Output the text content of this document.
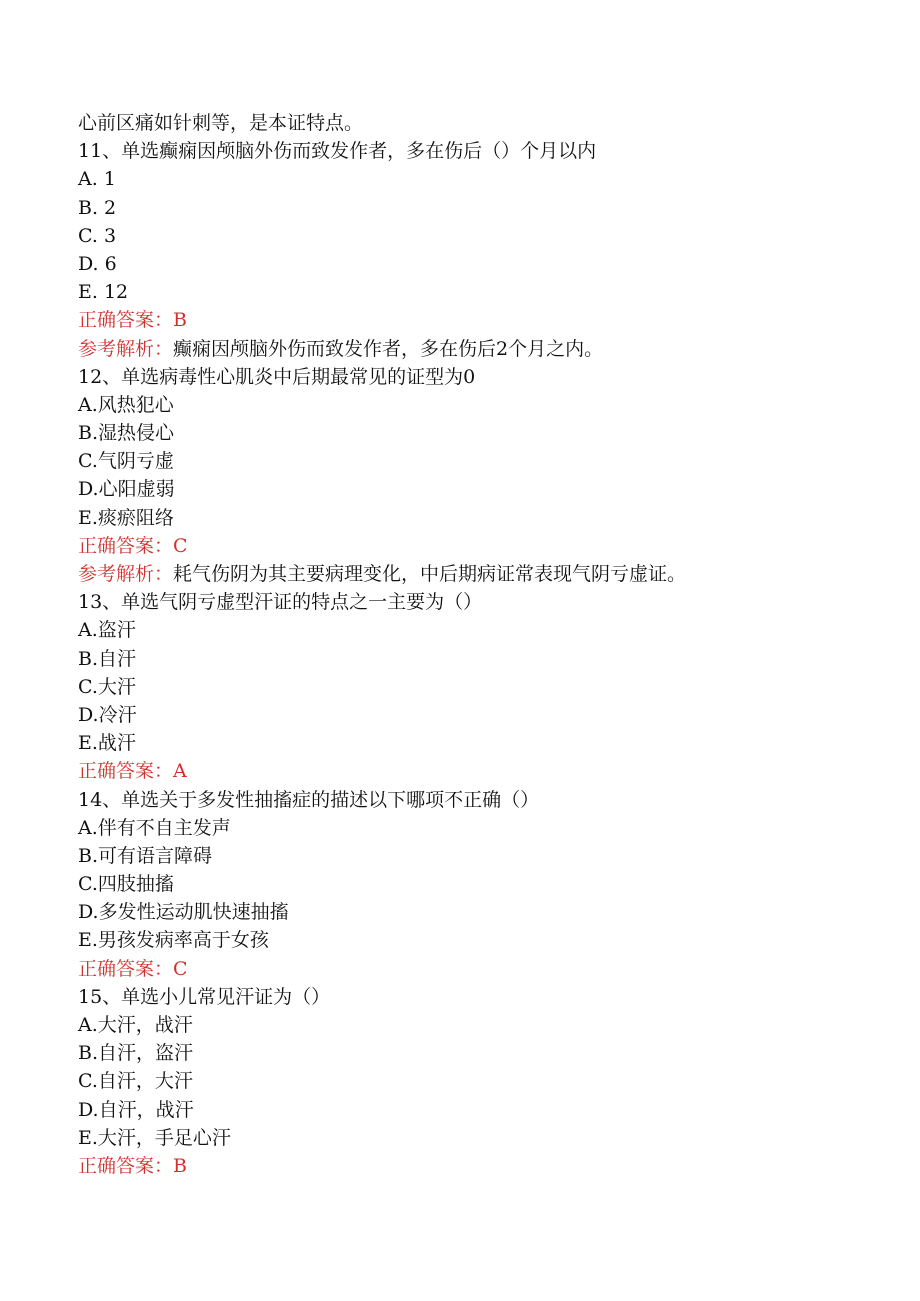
心前区痛如针刺等，是本证特点。
11、单选癫痫因颅脑外伤而致发作者，多在伤后（）个月以内
A. 1
B. 2
C. 3
D. 6
E. 12
正确答案：B
参考解析：癫痫因颅脑外伤而致发作者，多在伤后2个月之内。
12、单选病毒性心肌炎中后期最常见的证型为0
A.风热犯心
B.湿热侵心
C.气阴亏虚
D.心阳虚弱
E.痰瘀阻络
正确答案：C
参考解析：耗气伤阴为其主要病理变化，中后期病证常表现气阴亏虚证。
13、单选气阴亏虚型汗证的特点之一主要为（）
A.盗汗
B.自汗
C.大汗
D.冷汗
E.战汗
正确答案：A
14、单选关于多发性抽搐症的描述以下哪项不正确（）
A.伴有不自主发声
B.可有语言障碍
C.四肢抽搐
D.多发性运动肌快速抽搐
E.男孩发病率高于女孩
正确答案：C
15、单选小儿常见汗证为（）
A.大汗，战汗
B.自汗，盗汗
C.自汗，大汗
D.自汗，战汗
E.大汗，手足心汗
正确答案：B
